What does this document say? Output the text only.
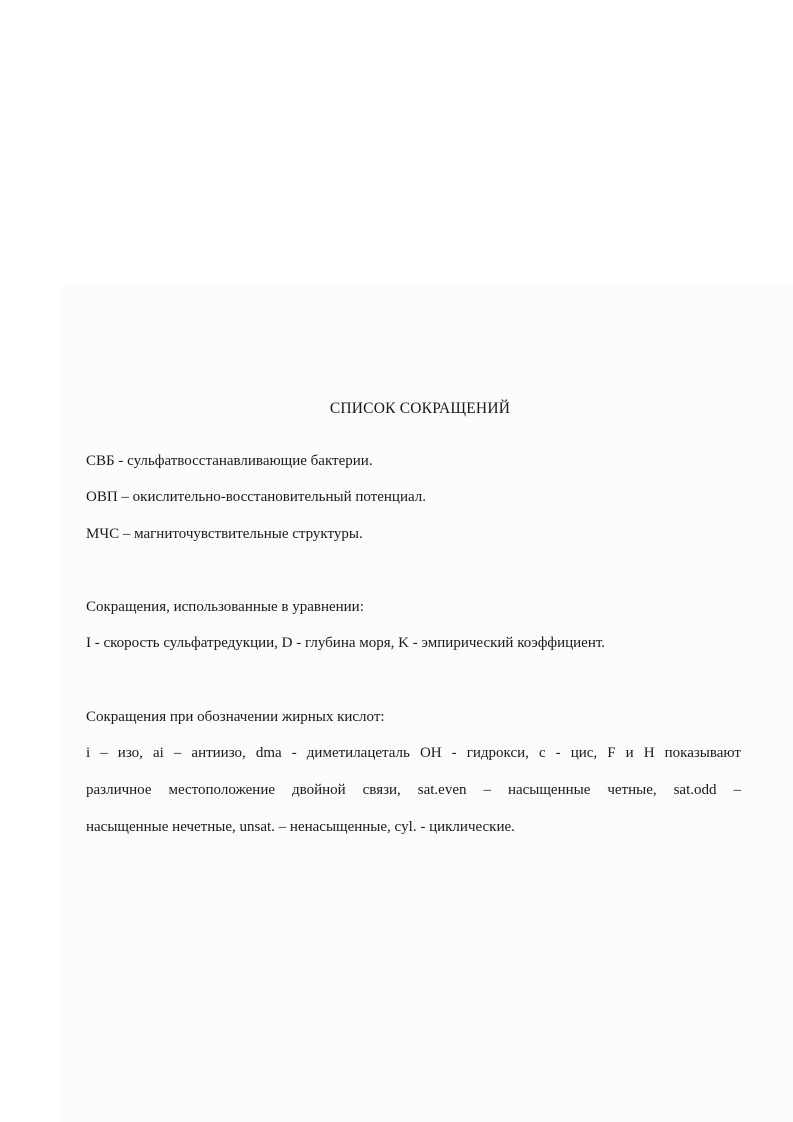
СПИСОК СОКРАЩЕНИЙ

СВБ - сульфатвосстанавливающие бактерии.

ОВП – окислительно-восстановительный потенциал.

МЧС – магниточувствительные структуры.

Сокращения, использованные в уравнении:

I - скорость сульфатредукции, D - глубина моря, K - эмпирический коэффициент.

Сокращения при обозначении жирных кислот:

i – изо, ai – антиизо, dma - диметилацеталь OH - гидрокси, c - цис, F и H показывают

различное местоположение двойной связи, sat.even – насыщенные четные, sat.odd –

насыщенные нечетные, unsat. – ненасыщенные, cyl. - циклические.
